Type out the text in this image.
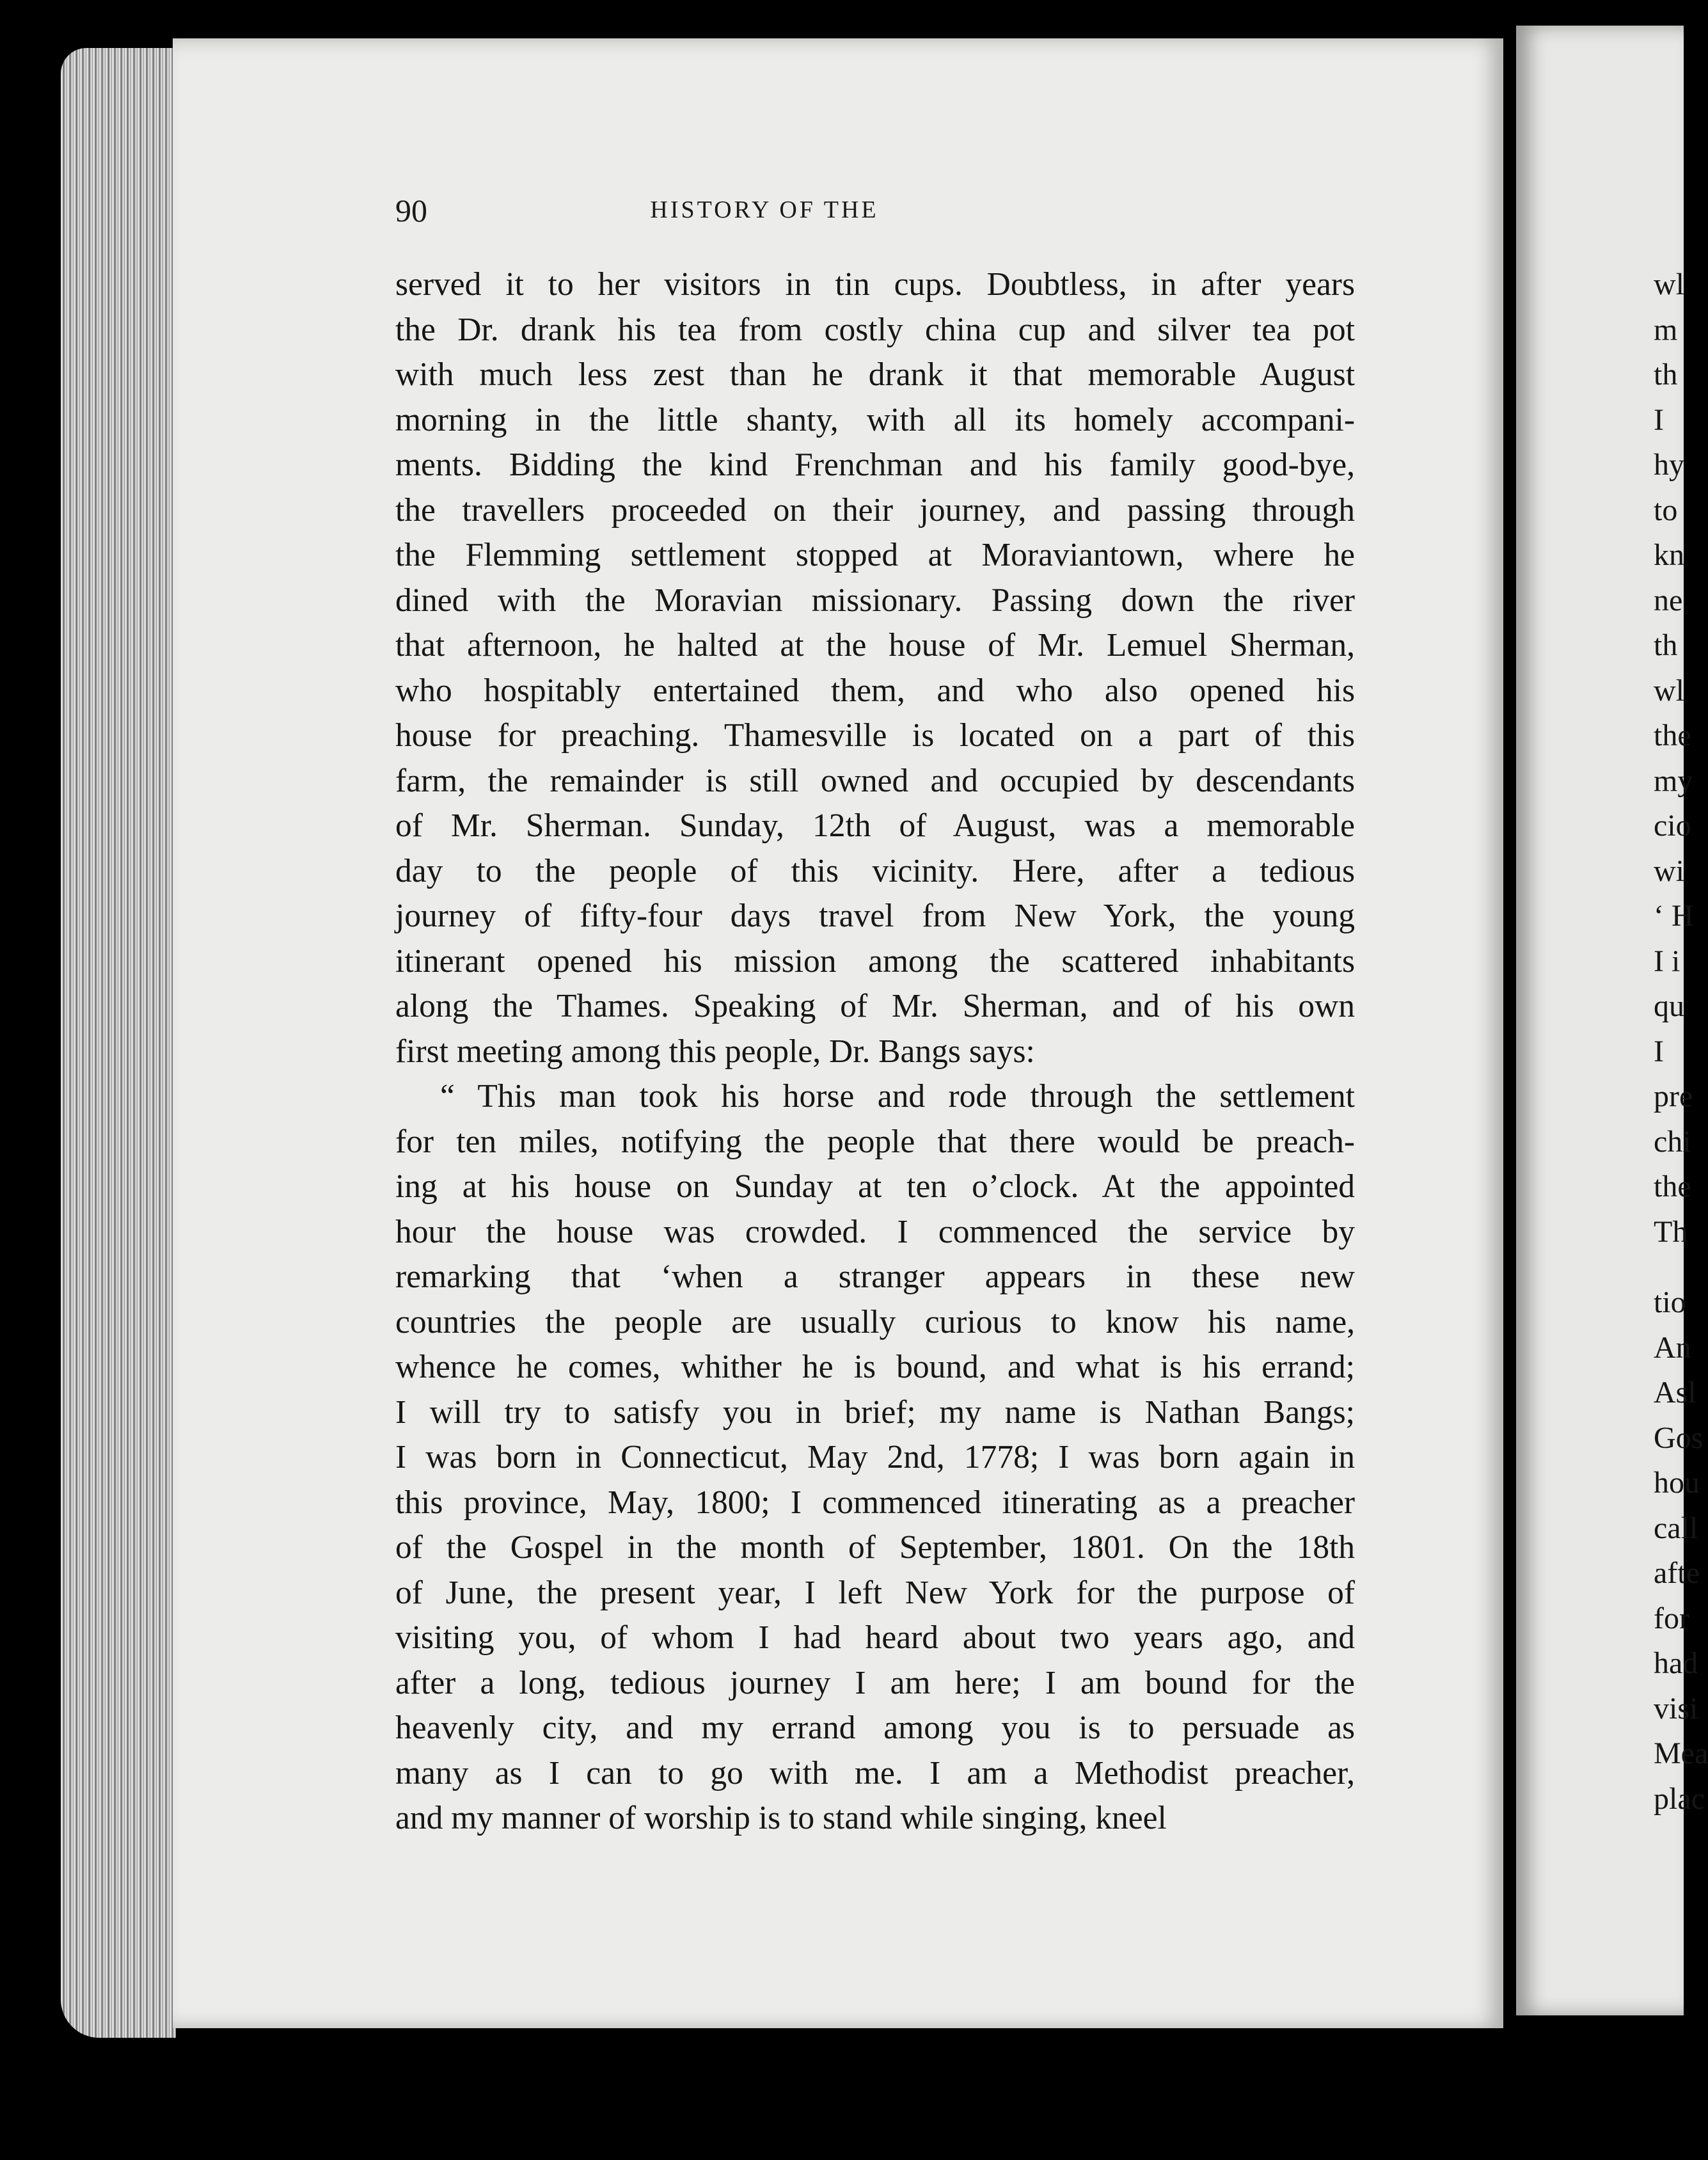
90	HISTORY OF THE
served it to her visitors in tin cups. Doubtless, in after years
the Dr. drank his tea from costly china cup and silver tea pot
with much less zest than he drank it that memorable August
morning in the little shanty, with all its homely accompani-
ments. Bidding the kind Frenchman and his family good-bye,
the travellers proceeded on their journey, and passing through
the Flemming settlement stopped at Moraviantown, where he
dined with the Moravian missionary. Passing down the river
that afternoon, he halted at the house of Mr. Lemuel Sherman,
who hospitably entertained them, and who also opened his
house for preaching. Thamesville is located on a part of this
farm, the remainder is still owned and occupied by descendants
of Mr. Sherman. Sunday, 12th of August, was a memorable
day to the people of this vicinity. Here, after a tedious
journey of fifty-four days travel from New York, the young
itinerant opened his mission among the scattered inhabitants
along the Thames. Speaking of Mr. Sherman, and of his own
first meeting among this people, Dr. Bangs says:
“ This man took his horse and rode through the settlement
for ten miles, notifying the people that there would be preach-
ing at his house on Sunday at ten o’clock. At the appointed
hour the house was crowded. I commenced the service by
remarking that ‘when a stranger appears in these new
countries the people are usually curious to know his name,
whence he comes, whither he is bound, and what is his errand;
I will try to satisfy you in brief; my name is Nathan Bangs;
I was born in Connecticut, May 2nd, 1778; I was born again in
this province, May, 1800; I commenced itinerating as a preacher
of the Gospel in the month of September, 1801. On the 18th
of June, the present year, I left New York for the purpose of
visiting you, of whom I had heard about two years ago, and
after a long, tedious journey I am here; I am bound for the
heavenly city, and my errand among you is to persuade as
many as I can to go with me. I am a Methodist preacher,
and my manner of worship is to stand while singing, kneel
wl
m
th
I
hy
to
kn
ne
th
wl
the
my
cio
wi
‘ H
I i
qu
I
pre
chi
the
Th
tio
An
Asl
Gos
hou
call
afte
for
had
visi
Mea
plac
